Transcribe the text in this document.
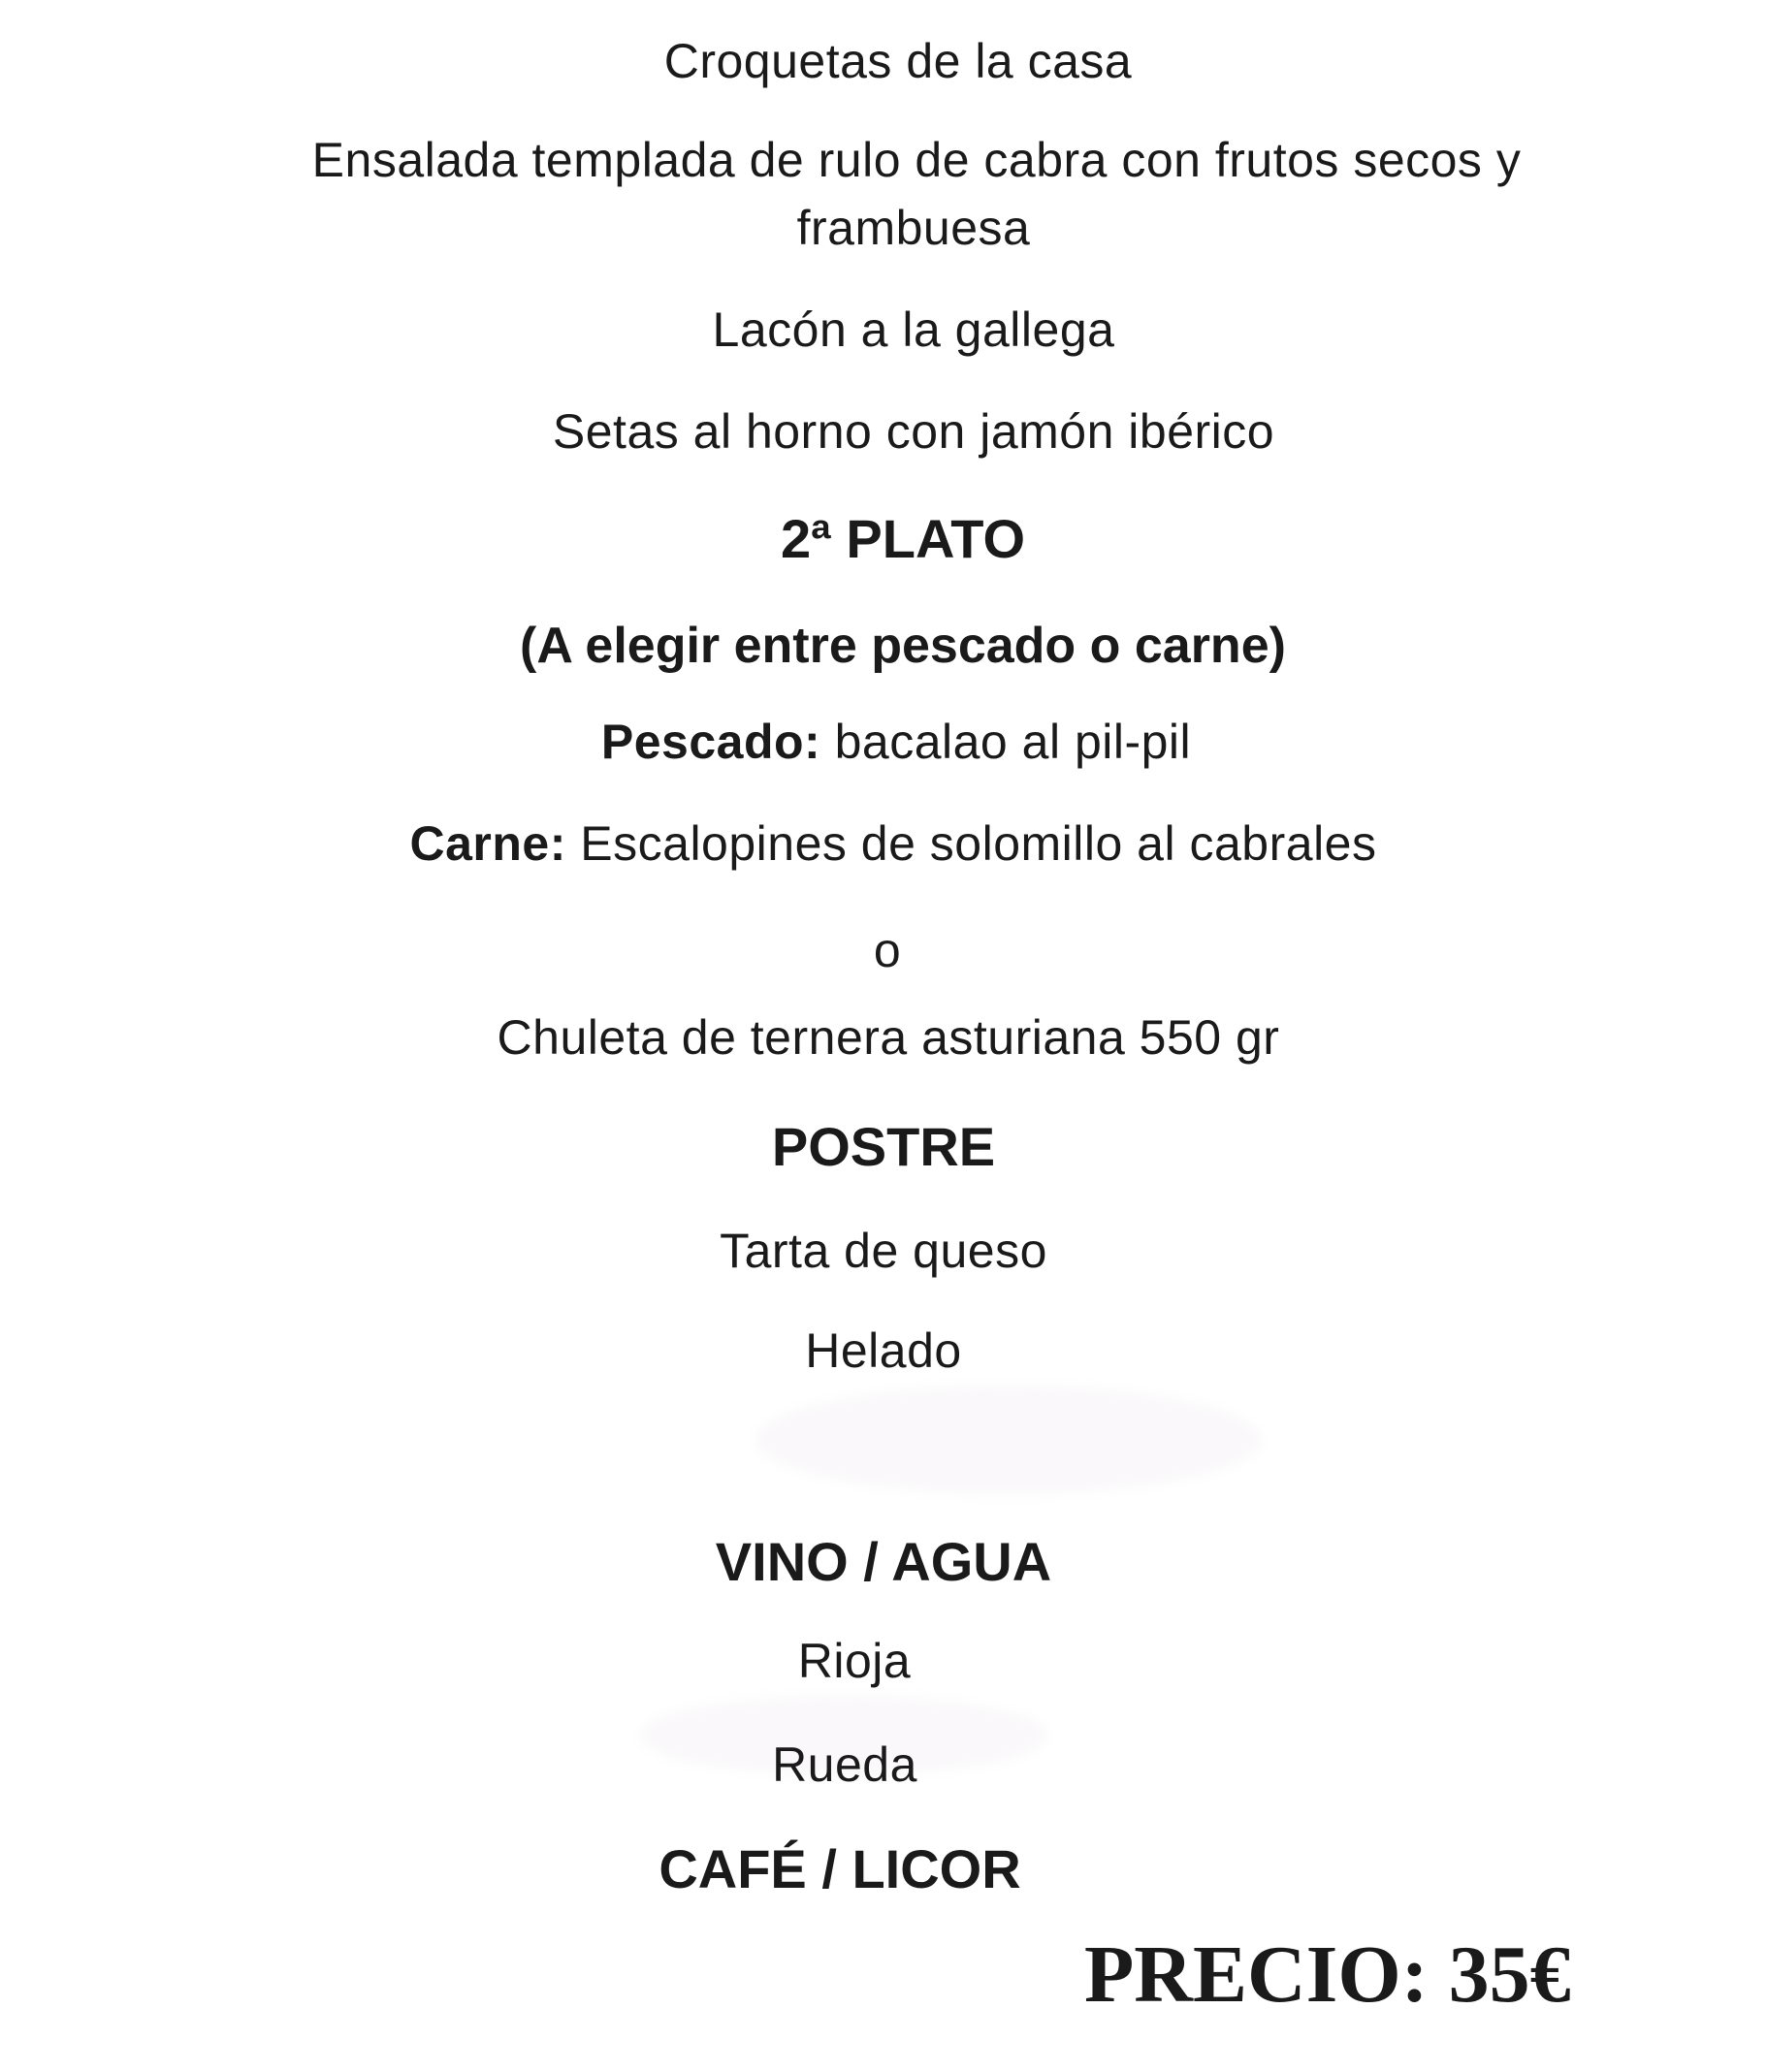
Croquetas de la casa
Ensalada templada de rulo de cabra con frutos secos y
frambuesa
Lacón a la gallega
Setas al horno con jamón ibérico
2ª PLATO
(A elegir entre pescado o carne)
Pescado: bacalao al pil-pil
Carne: Escalopines de solomillo al cabrales
o
Chuleta de ternera asturiana 550 gr
POSTRE
Tarta de queso
Helado
VINO / AGUA
Rioja
Rueda
CAFÉ / LICOR
PRECIO: 35€
